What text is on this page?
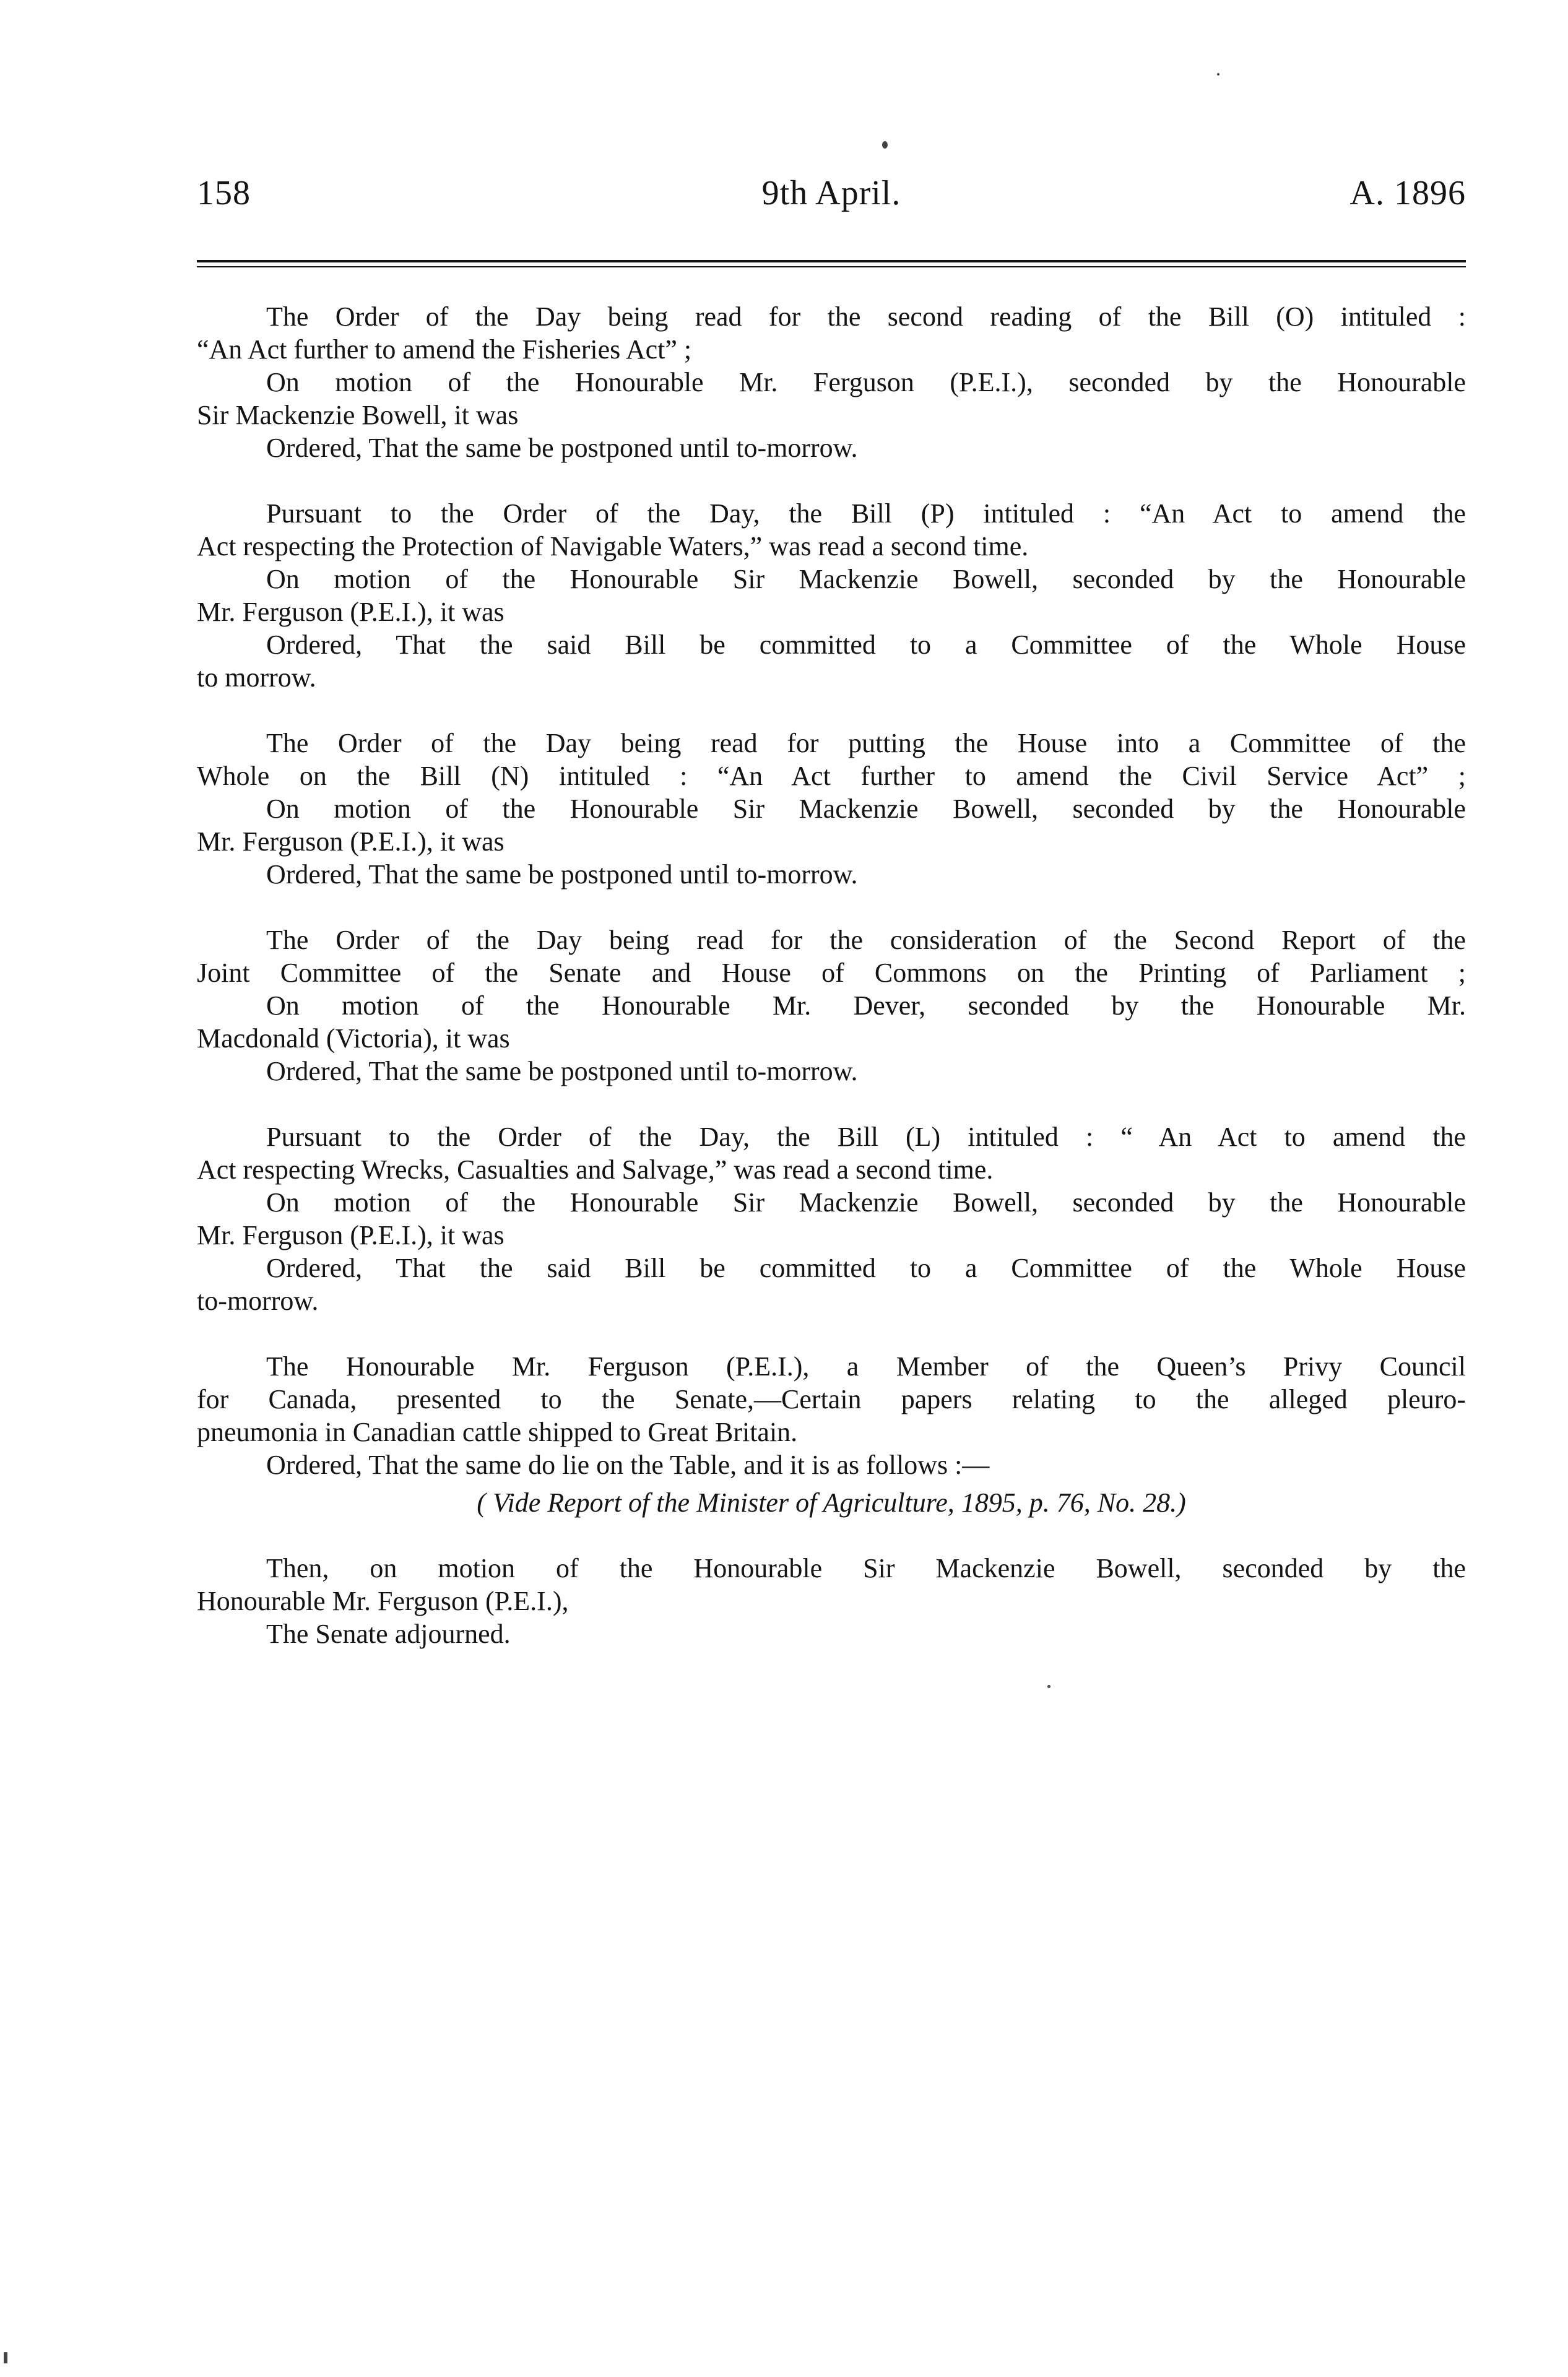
158	9th April.	A. 1896
The Order of the Day being read for the second reading of the Bill (O) intituled :
“An Act further to amend the Fisheries Act” ;
On motion of the Honourable Mr. Ferguson (P.E.I.), seconded by the Honourable
Sir Mackenzie Bowell, it was
Ordered, That the same be postponed until to-morrow.
Pursuant to the Order of the Day, the Bill (P) intituled : “An Act to amend the
Act respecting the Protection of Navigable Waters,” was read a second time.
On motion of the Honourable Sir Mackenzie Bowell, seconded by the Honourable
Mr. Ferguson (P.E.I.), it was
Ordered, That the said Bill be committed to a Committee of the Whole House
to morrow.
The Order of the Day being read for putting the House into a Committee of the
Whole on the Bill (N) intituled : “An Act further to amend the Civil Service Act” ;
On motion of the Honourable Sir Mackenzie Bowell, seconded by the Honourable
Mr. Ferguson (P.E.I.), it was
Ordered, That the same be postponed until to-morrow.
The Order of the Day being read for the consideration of the Second Report of the
Joint Committee of the Senate and House of Commons on the Printing of Parliament ;
On motion of the Honourable Mr. Dever, seconded by the Honourable Mr.
Macdonald (Victoria), it was
Ordered, That the same be postponed until to-morrow.
Pursuant to the Order of the Day, the Bill (L) intituled : “ An Act to amend the
Act respecting Wrecks, Casualties and Salvage,” was read a second time.
On motion of the Honourable Sir Mackenzie Bowell, seconded by the Honourable
Mr. Ferguson (P.E.I.), it was
Ordered, That the said Bill be committed to a Committee of the Whole House
to-morrow.
The Honourable Mr. Ferguson (P.E.I.), a Member of the Queen’s Privy Council
for Canada, presented to the Senate,—Certain papers relating to the alleged pleuro-
pneumonia in Canadian cattle shipped to Great Britain.
Ordered, That the same do lie on the Table, and it is as follows :—
( Vide Report of the Minister of Agriculture, 1895, p. 76, No. 28.)
Then, on motion of the Honourable Sir Mackenzie Bowell, seconded by the
Honourable Mr. Ferguson (P.E.I.),
The Senate adjourned.
